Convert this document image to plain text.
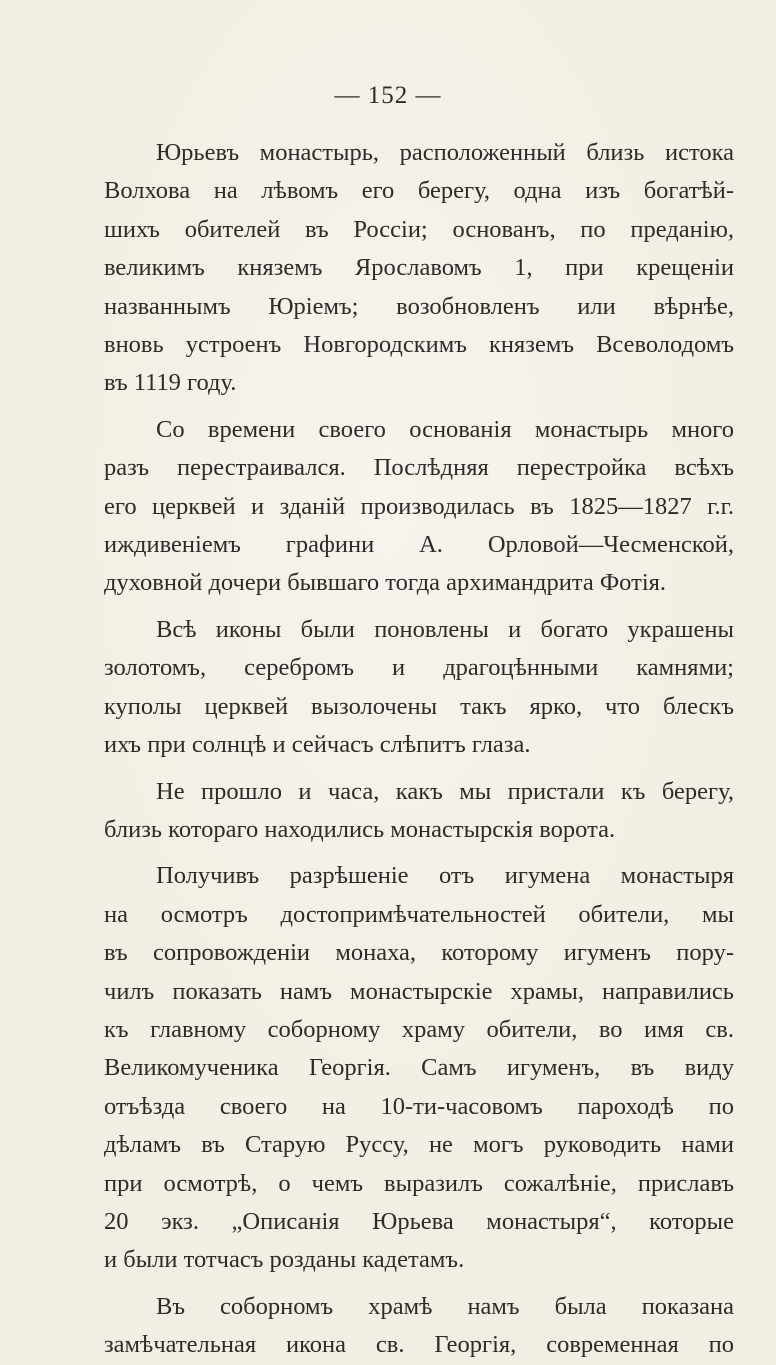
— 152 —
Юрьевъ монастырь, расположенный близь истока
Волхова на лѣвомъ его берегу, одна изъ богатѣй-
шихъ обителей въ Россіи; основанъ, по преданію,
великимъ княземъ Ярославомъ 1, при крещеніи
названнымъ Юріемъ; возобновленъ или вѣрнѣе,
вновь устроенъ Новгородскимъ княземъ Всеволодомъ
въ 1119 году.
Со времени своего основанія монастырь много
разъ перестраивался. Послѣдняя перестройка всѣхъ
его церквей и зданій производилась въ 1825—1827 г.г.
иждивеніемъ графини А. Орловой—Чесменской,
духовной дочери бывшаго тогда архимандрита Фотія.
Всѣ иконы были поновлены и богато украшены
золотомъ, серебромъ и драгоцѣнными камнями;
куполы церквей вызолочены такъ ярко, что блескъ
ихъ при солнцѣ и сейчасъ слѣпитъ глаза.
Не прошло и часа, какъ мы пристали къ берегу,
близь котораго находились монастырскія ворота.
Получивъ разрѣшеніе отъ игумена монастыря
на осмотръ достопримѣчательностей обители, мы
въ сопровожденіи монаха, которому игуменъ пору-
чилъ показать намъ монастырскіе храмы, направились
къ главному соборному храму обители, во имя св.
Великомученика Георгія. Самъ игуменъ, въ виду
отъѣзда своего на 10-ти-часовомъ пароходѣ по
дѣламъ въ Старую Руссу, не могъ руководить нами
при осмотрѣ, о чемъ выразилъ сожалѣніе, приславъ
20 экз. „Описанія Юрьева монастыря“, которые
и были тотчасъ розданы кадетамъ.
Въ соборномъ храмѣ намъ была показана
замѣчательная икона св. Георгія, современная по
